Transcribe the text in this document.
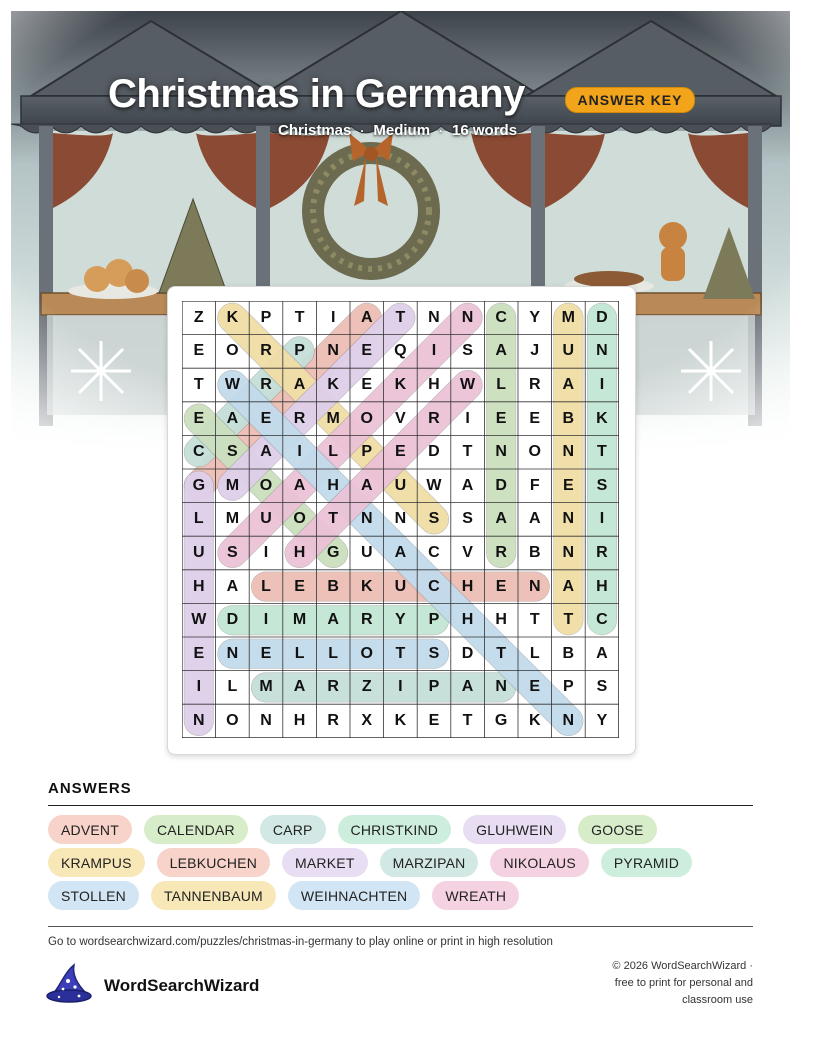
Christmas in Germany	ANSWER KEY
Christmas · Medium · 16 words
Z	K	P	T	I	A	T	N	N	C	Y	M	D
E	O	R	P	N	E	Q	I	S	A	J	U	N
T	W	R	A	K	E	K	H	W	L	R	A	I
E	A	E	R	M	O	V	R	I	E	E	B	K
C	S	A	I	L	P	E	D	T	N	O	N	T
G	M	O	A	H	A	U	W	A	D	F	E	S
L	M	U	O	T	N	N	S	S	A	A	N	I
U	S	I	H	G	U	A	C	V	R	B	N	R
H	A	L	E	B	K	U	C	H	E	N	A	H
W	D	I	M	A	R	Y	P	H	H	T	T	C
E	N	E	L	L	O	T	S	D	T	L	B	A
I	L	M	A	R	Z	I	P	A	N	E	P	S
N	O	N	H	R	X	K	E	T	G	K	N	Y
ANSWERS
ADVENT	CALENDAR	CARP	CHRISTKIND	GLUHWEIN	GOOSE
KRAMPUS	LEBKUCHEN	MARKET	MARZIPAN	NIKOLAUS	PYRAMID
STOLLEN	TANNENBAUM	WEIHNACHTEN	WREATH
Go to wordsearchwizard.com/puzzles/christmas-in-germany to play online or print in high resolution
WordSearchWizard
© 2026 WordSearchWizard ·
free to print for personal and
classroom use
